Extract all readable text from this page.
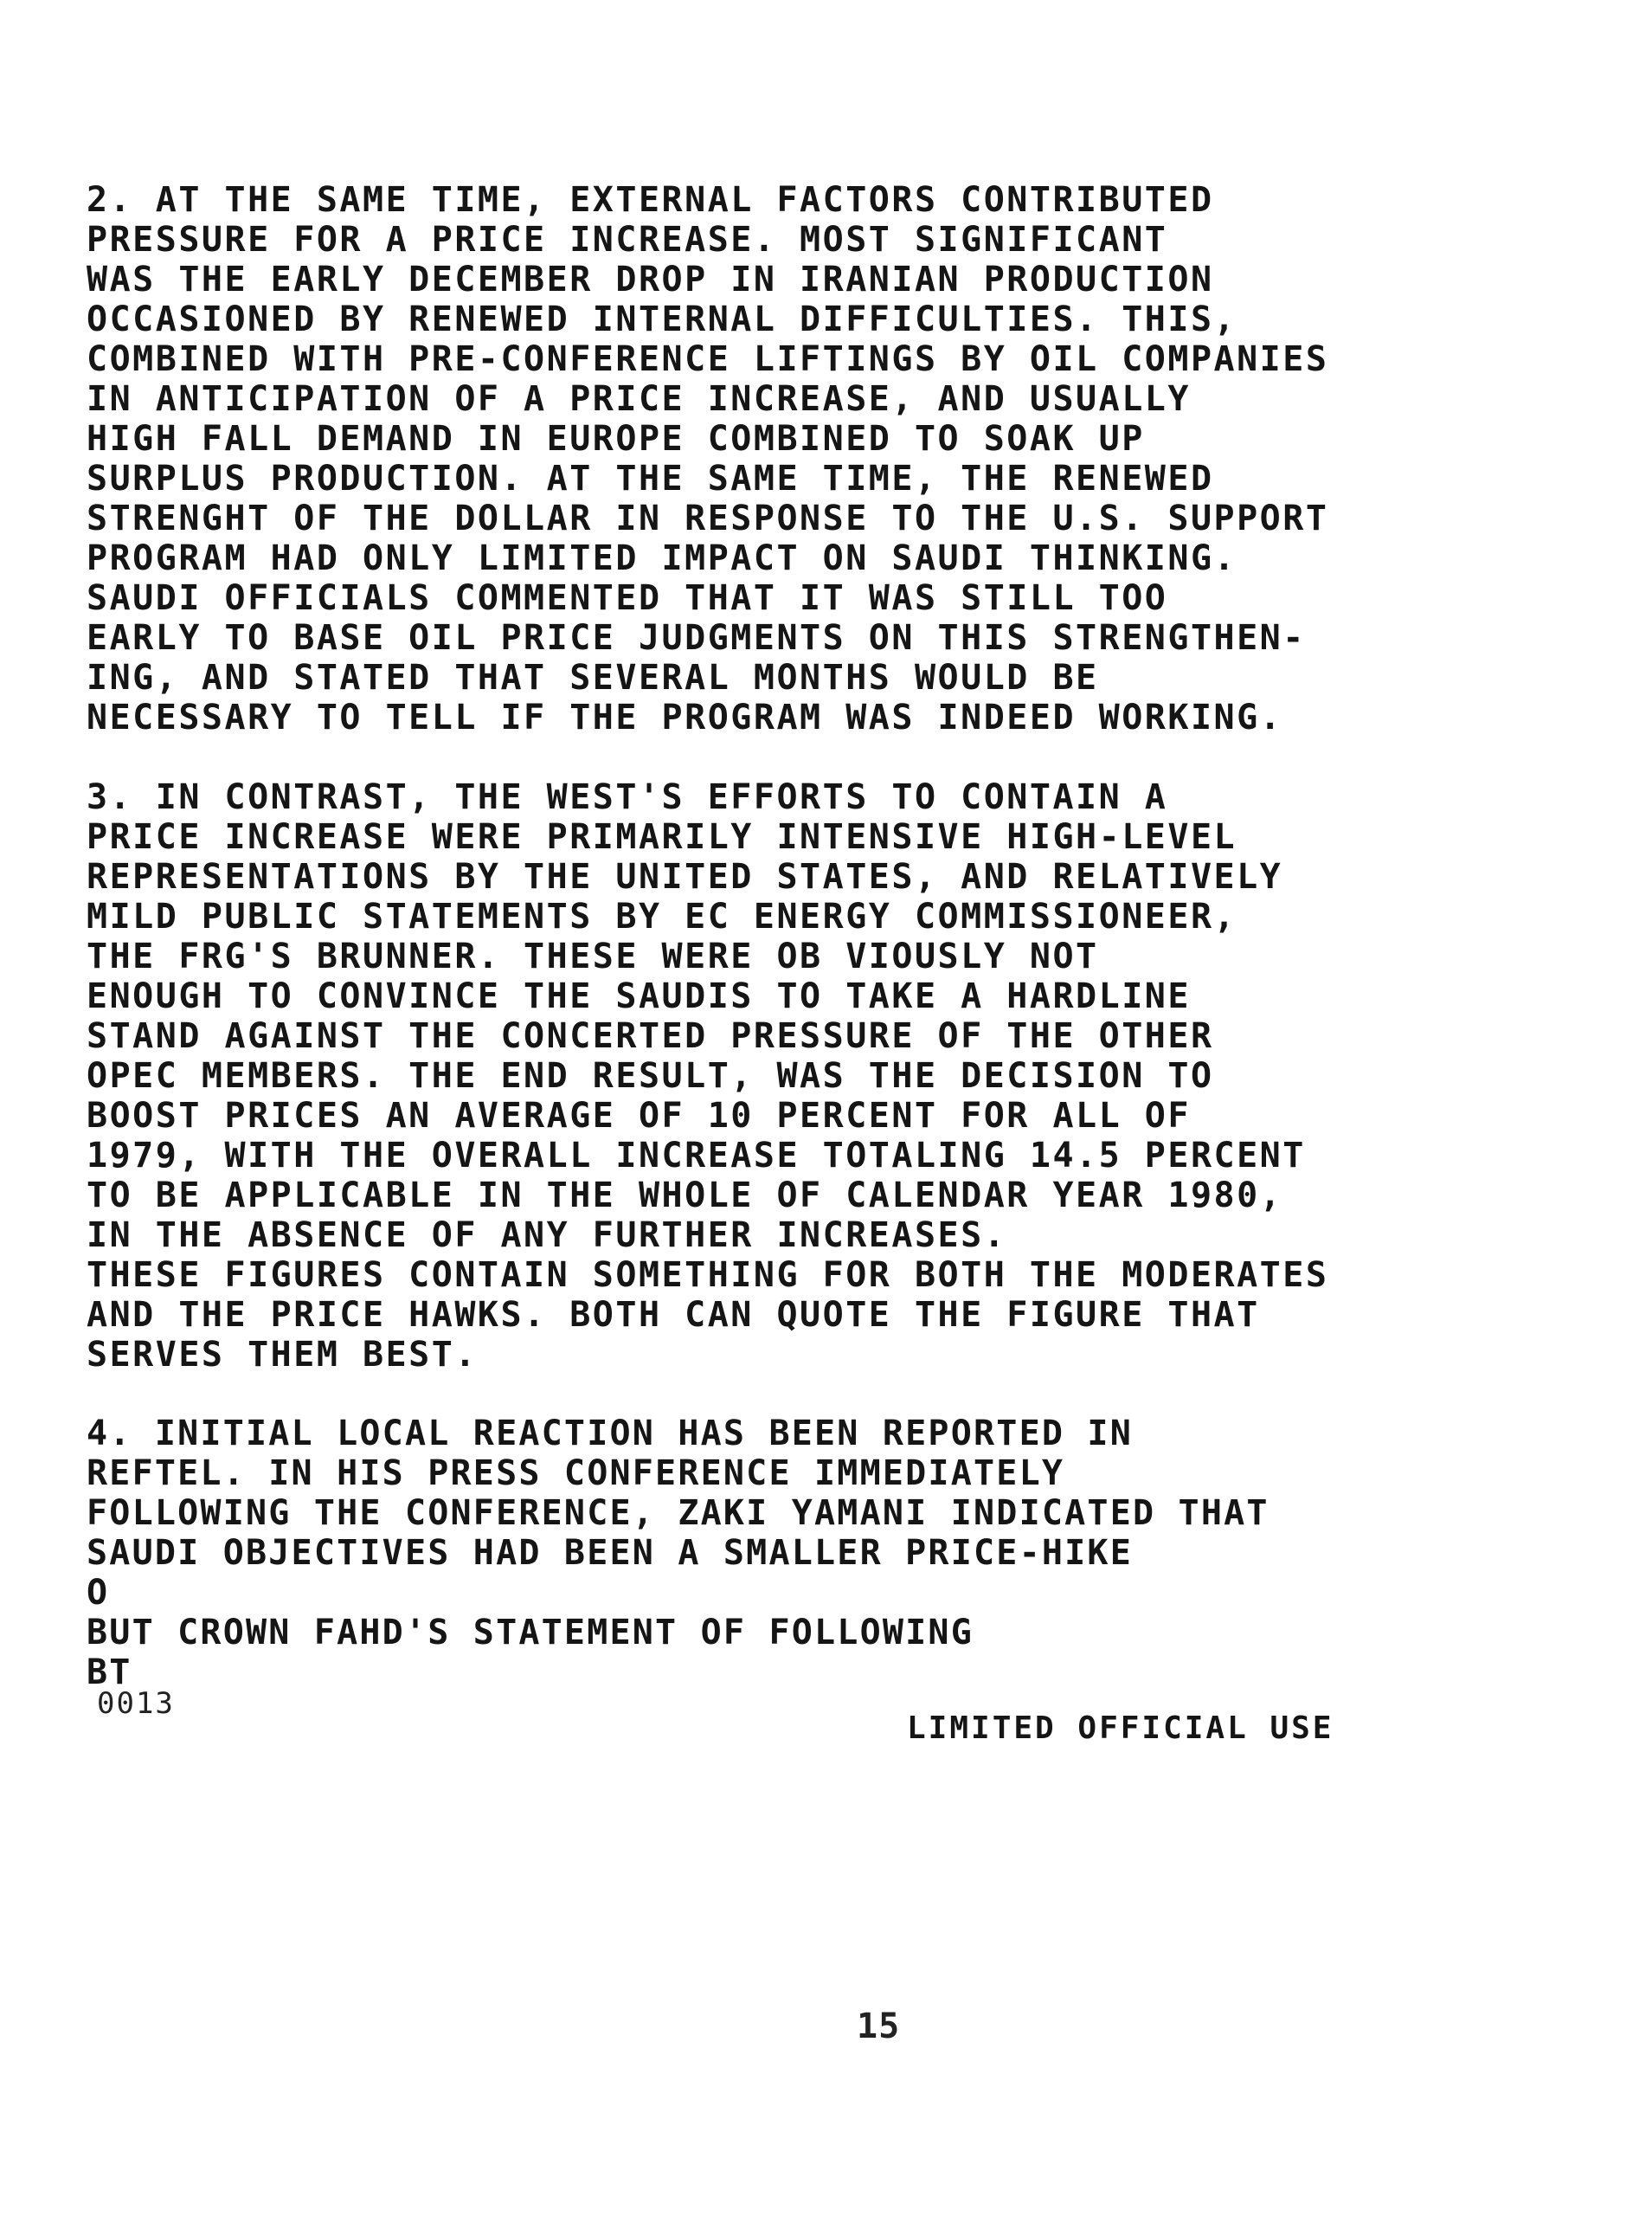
2. AT THE SAME TIME, EXTERNAL FACTORS CONTRIBUTED
PRESSURE FOR A PRICE INCREASE. MOST SIGNIFICANT
WAS THE EARLY DECEMBER DROP IN IRANIAN PRODUCTION
OCCASIONED BY RENEWED INTERNAL DIFFICULTIES. THIS,
COMBINED WITH PRE-CONFERENCE LIFTINGS BY OIL COMPANIES
IN ANTICIPATION OF A PRICE INCREASE, AND USUALLY
HIGH FALL DEMAND IN EUROPE COMBINED TO SOAK UP
SURPLUS PRODUCTION. AT THE SAME TIME, THE RENEWED
STRENGHT OF THE DOLLAR IN RESPONSE TO THE U.S. SUPPORT
PROGRAM HAD ONLY LIMITED IMPACT ON SAUDI THINKING.
SAUDI OFFICIALS COMMENTED THAT IT WAS STILL TOO
EARLY TO BASE OIL PRICE JUDGMENTS ON THIS STRENGTHEN-
ING, AND STATED THAT SEVERAL MONTHS WOULD BE
NECESSARY TO TELL IF THE PROGRAM WAS INDEED WORKING.
3. IN CONTRAST, THE WEST'S EFFORTS TO CONTAIN A
PRICE INCREASE WERE PRIMARILY INTENSIVE HIGH-LEVEL
REPRESENTATIONS BY THE UNITED STATES, AND RELATIVELY
MILD PUBLIC STATEMENTS BY EC ENERGY COMMISSIONEER,
THE FRG'S BRUNNER. THESE WERE OB VIOUSLY NOT
ENOUGH TO CONVINCE THE SAUDIS TO TAKE A HARDLINE
STAND AGAINST THE CONCERTED PRESSURE OF THE OTHER
OPEC MEMBERS. THE END RESULT, WAS THE DECISION TO
BOOST PRICES AN AVERAGE OF 10 PERCENT FOR ALL OF
1979, WITH THE OVERALL INCREASE TOTALING 14.5 PERCENT
TO BE APPLICABLE IN THE WHOLE OF CALENDAR YEAR 1980,
IN THE ABSENCE OF ANY FURTHER INCREASES.
THESE FIGURES CONTAIN SOMETHING FOR BOTH THE MODERATES
AND THE PRICE HAWKS. BOTH CAN QUOTE THE FIGURE THAT
SERVES THEM BEST.
4. INITIAL LOCAL REACTION HAS BEEN REPORTED IN
REFTEL. IN HIS PRESS CONFERENCE IMMEDIATELY
FOLLOWING THE CONFERENCE, ZAKI YAMANI INDICATED THAT
SAUDI OBJECTIVES HAD BEEN A SMALLER PRICE-HIKE
O
BUT CROWN FAHD'S STATEMENT OF FOLLOWING
BT
0013
LIMITED OFFICIAL USE
15
